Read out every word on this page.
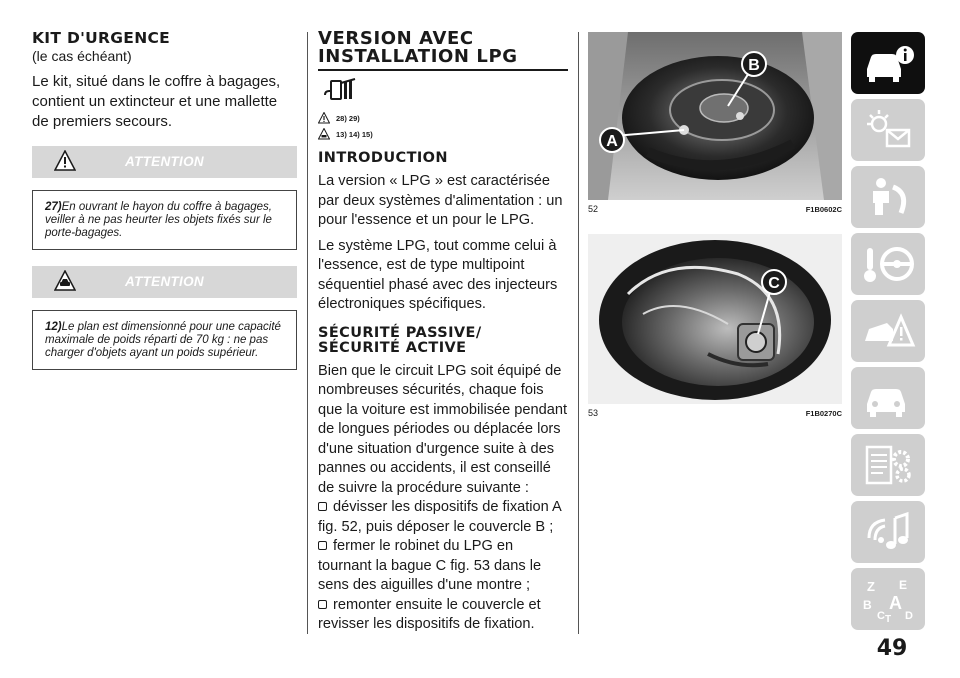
KIT D'URGENCE
(le cas échéant)
Le kit, situé dans le coffre à bagages, contient un extincteur et une mallette de premiers secours.
ATTENTION
27)En ouvrant le hayon du coffre à bagages, veiller à ne pas heurter les objets fixés sur le porte-bagages.
ATTENTION
12)Le plan est dimensionné pour une capacité maximale de poids réparti de 70 kg : ne pas charger d'objets ayant un poids supérieur.
VERSION AVEC INSTALLATION LPG
28) 29)
13) 14) 15)
INTRODUCTION
La version « LPG » est caractérisée par deux systèmes d'alimentation : un pour l'essence et un pour le LPG.
Le système LPG, tout comme celui à l'essence, est de type multipoint séquentiel phasé avec des injecteurs électroniques spécifiques.
SÉCURITÉ PASSIVE/ SÉCURITÉ ACTIVE
Bien que le circuit LPG soit équipé de nombreuses sécurités, chaque fois que la voiture est immobilisée pendant de longues périodes ou déplacée lors d'une situation d'urgence suite à des pannes ou accidents, il est conseillé de suivre la procédure suivante :
dévisser les dispositifs de fixation A fig. 52, puis déposer le couvercle B ;
fermer le robinet du LPG en tournant la bague C fig. 53 dans le sens des aiguilles d'une montre ;
remonter ensuite le couvercle et revisser les dispositifs de fixation.
A
B
52	F1B0602C
C
53	F1B0270C
Z E
B A
C T D
49
